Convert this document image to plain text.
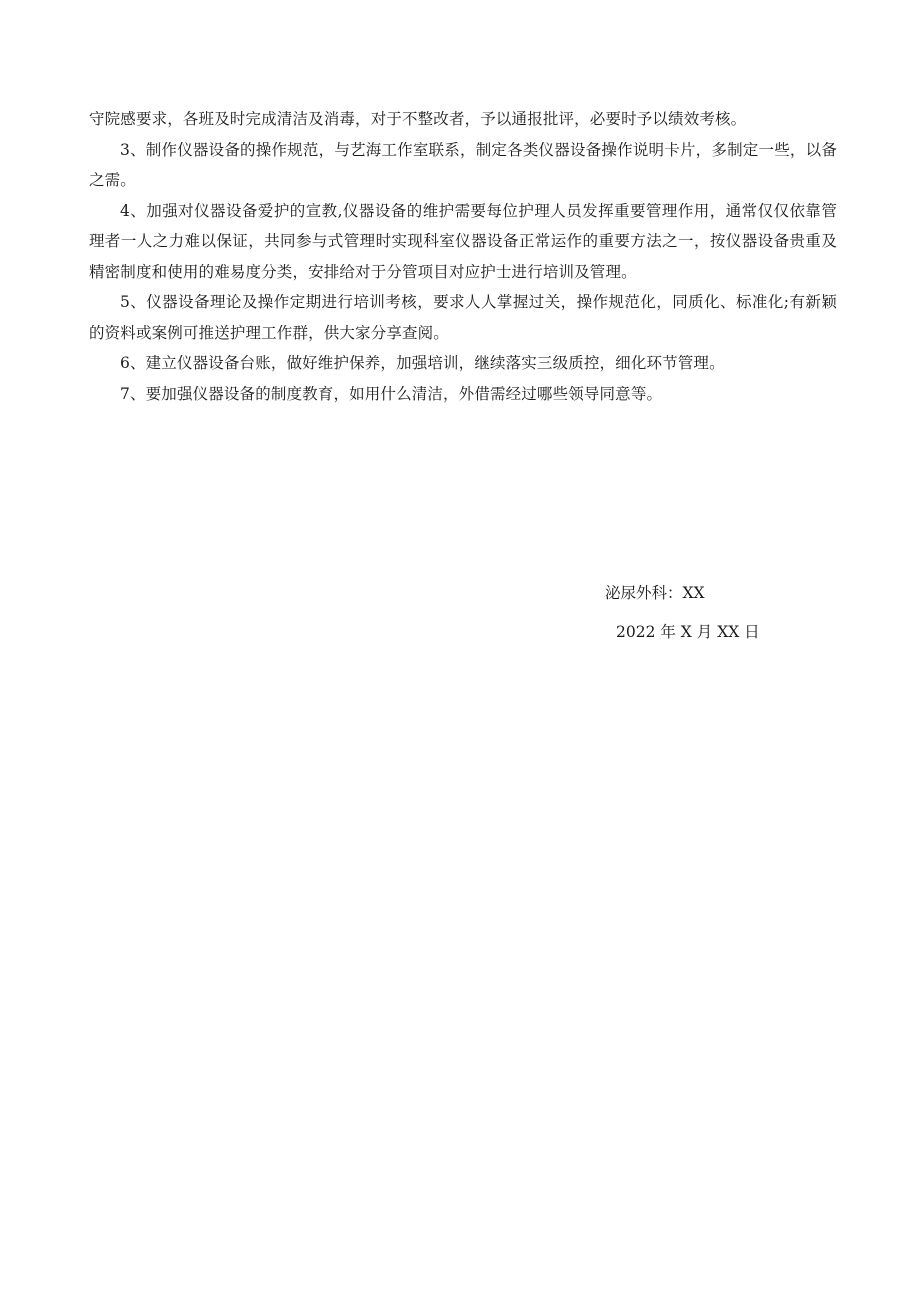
守院感要求，各班及时完成清洁及消毒，对于不整改者，予以通报批评，必要时予以绩效考核。

3、制作仪器设备的操作规范，与艺海工作室联系，制定各类仪器设备操作说明卡片，多制定一些，以备之需。

4、加强对仪器设备爱护的宣教,仪器设备的维护需要每位护理人员发挥重要管理作用，通常仅仅依靠管理者一人之力难以保证，共同参与式管理时实现科室仪器设备正常运作的重要方法之一，按仪器设备贵重及精密制度和使用的难易度分类，安排给对于分管项目对应护士进行培训及管理。

5、仪器设备理论及操作定期进行培训考核，要求人人掌握过关，操作规范化，同质化、标准化;有新颖的资料或案例可推送护理工作群，供大家分享查阅。

6、建立仪器设备台账，做好维护保养，加强培训，继续落实三级质控，细化环节管理。

7、要加强仪器设备的制度教育，如用什么清洁，外借需经过哪些领导同意等。

泌尿外科：XX
2022 年 X 月 XX 日
